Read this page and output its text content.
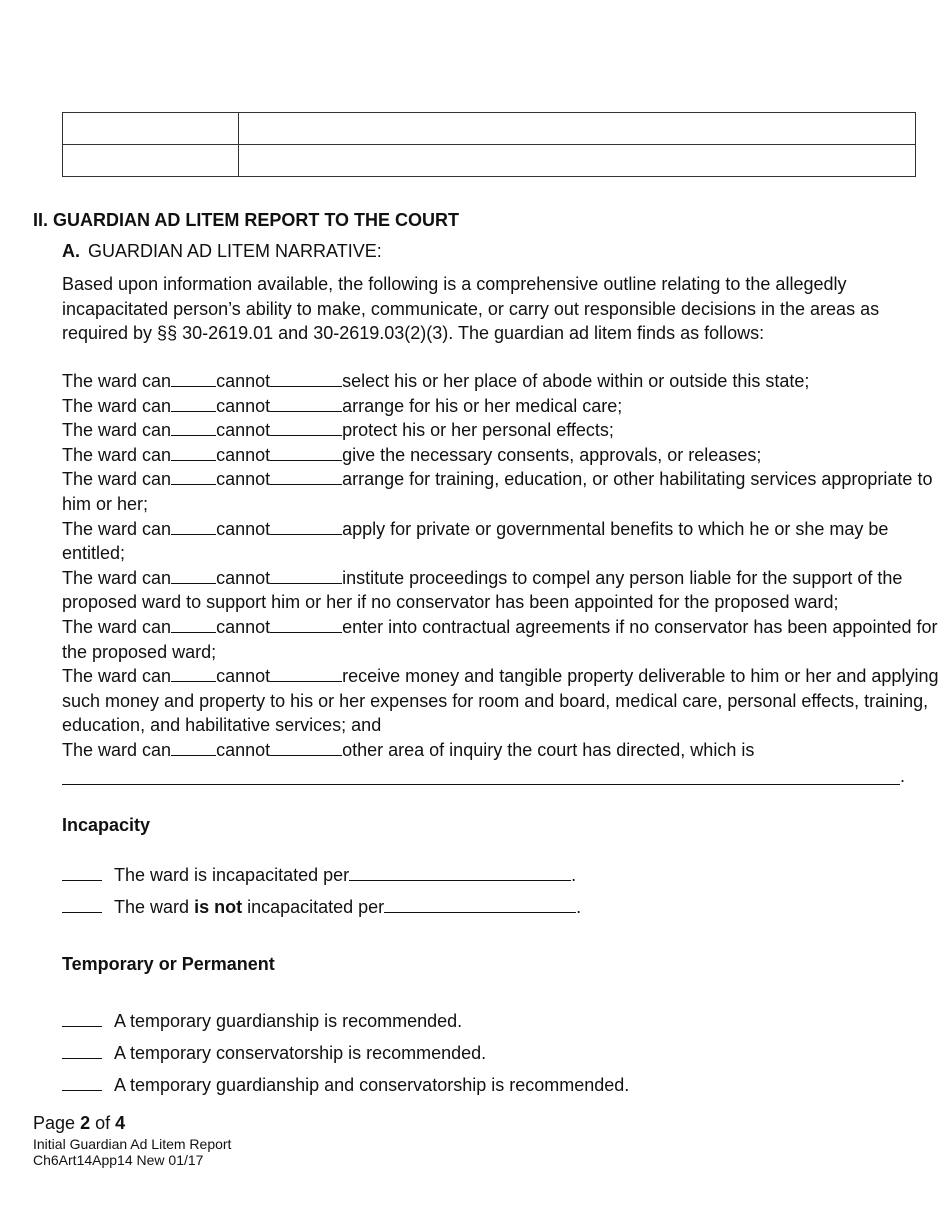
II. GUARDIAN AD LITEM REPORT TO THE COURT
A. GUARDIAN AD LITEM NARRATIVE:
Based upon information available, the following is a comprehensive outline relating to the allegedly incapacitated person’s ability to make, communicate, or carry out responsible decisions in the areas as required by §§ 30-2619.01 and 30-2619.03(2)(3). The guardian ad litem finds as follows:

The ward can	cannot	select his or her place of abode within or outside this state;

The ward can	cannot	arrange for his or her medical care;

The ward can	cannot	protect his or her personal effects;

The ward can	cannot	give the necessary consents, approvals, or releases;

The ward can	cannot	arrange for training, education, or other habilitating services appropriate to him or her;

The ward can	cannot	apply for private or governmental benefits to which he or she may be entitled;

The ward can	cannot	institute proceedings to compel any person liable for the support of the proposed ward to support him or her if no conservator has been appointed for the proposed ward;

The ward can	cannot	enter into contractual agreements if no conservator has been appointed for the proposed ward;

The ward can	cannot	receive money and tangible property deliverable to him or her and applying such money and property to his or her expenses for room and board, medical care, personal effects, training, education, and habilitative services; and

The ward can	cannot	other area of inquiry the court has directed, which is

.
Incapacity
The ward is incapacitated per	.
The ward is not incapacitated per	.
Temporary or Permanent
A temporary guardianship is recommended.
A temporary conservatorship is recommended.
A temporary guardianship and conservatorship is recommended.
Page 2 of 4
Initial Guardian Ad Litem Report
Ch6Art14App14 New 01/17
